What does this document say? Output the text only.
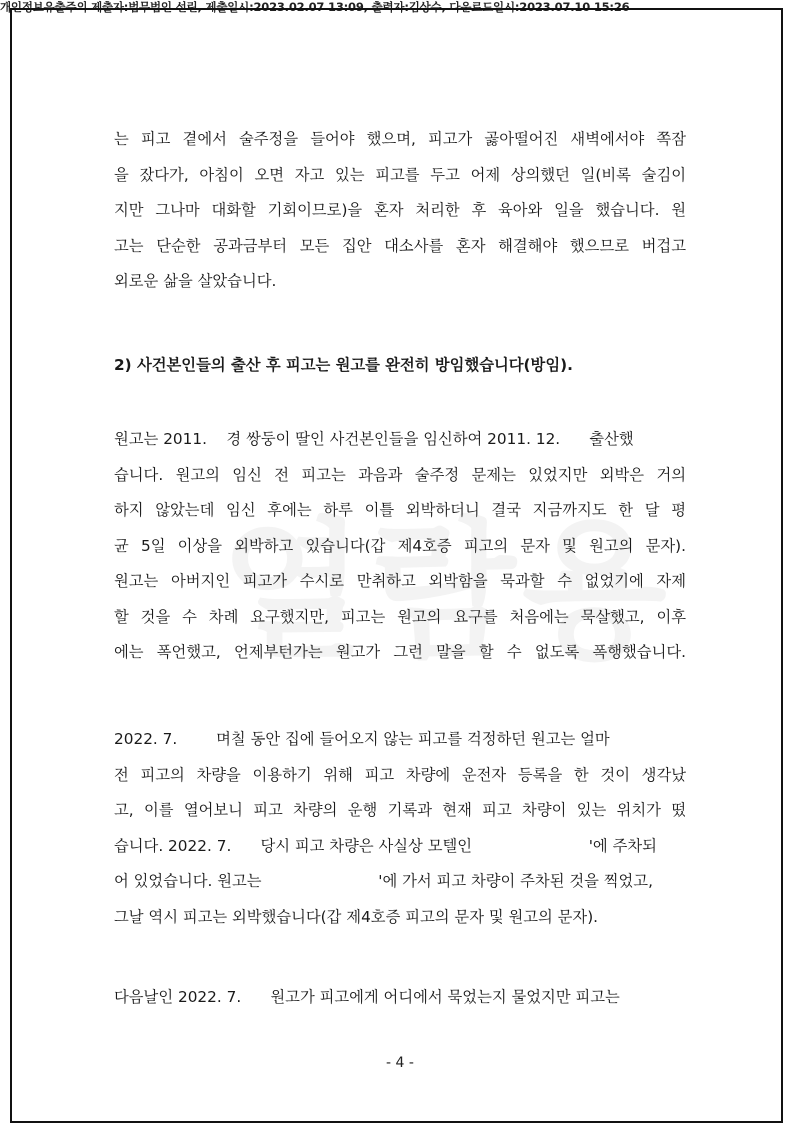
개인정보유출주의 제출자:법무법인 선린, 제출일시:2023.02.07 13:09, 출력자:김상수, 다운로드일시:2023.07.10 15:26
는 피고 곁에서 술주정을 들어야 했으며, 피고가 곯아떨어진 새벽에서야 쪽잠
을 잤다가, 아침이 오면 자고 있는 피고를 두고 어제 상의했던 일(비록 술김이
지만 그나마 대화할 기회이므로)을 혼자 처리한 후 육아와 일을 했습니다. 원
고는 단순한 공과금부터 모든 집안 대소사를 혼자 해결해야 했으므로 버겁고
외로운 삶을 살았습니다.
2) 사건본인들의 출산 후 피고는 원고를 완전히 방임했습니다(방임).
원고는 2011.    경 쌍둥이 딸인 사건본인들을 임신하여 2011. 12.      출산했
습니다. 원고의 임신 전 피고는 과음과 술주정 문제는 있었지만 외박은 거의
하지 않았는데 임신 후에는 하루 이틀 외박하더니 결국 지금까지도 한 달 평
균 5일 이상을 외박하고 있습니다(갑 제4호증 피고의 문자 및 원고의 문자).
원고는 아버지인 피고가 수시로 만취하고 외박함을 묵과할 수 없었기에 자제
할 것을 수 차례 요구했지만, 피고는 원고의 요구를 처음에는 묵살했고, 이후
에는 폭언했고, 언제부턴가는 원고가 그런 말을 할 수 없도록 폭행했습니다.
2022. 7.        며칠 동안 집에 들어오지 않는 피고를 걱정하던 원고는 얼마
전 피고의 차량을 이용하기 위해 피고 차량에 운전자 등록을 한 것이 생각났
고, 이를 열어보니 피고 차량의 운행 기록과 현재 피고 차량이 있는 위치가 떴
습니다. 2022. 7.      당시 피고 차량은 사실상 모텔인                        '에 주차되
어 있었습니다. 원고는                        '에 가서 피고 차량이 주차된 것을 찍었고,
그날 역시 피고는 외박했습니다(갑 제4호증 피고의 문자 및 원고의 문자).
다음날인 2022. 7.      원고가 피고에게 어디에서 묵었는지 물었지만 피고는
- 4 -
